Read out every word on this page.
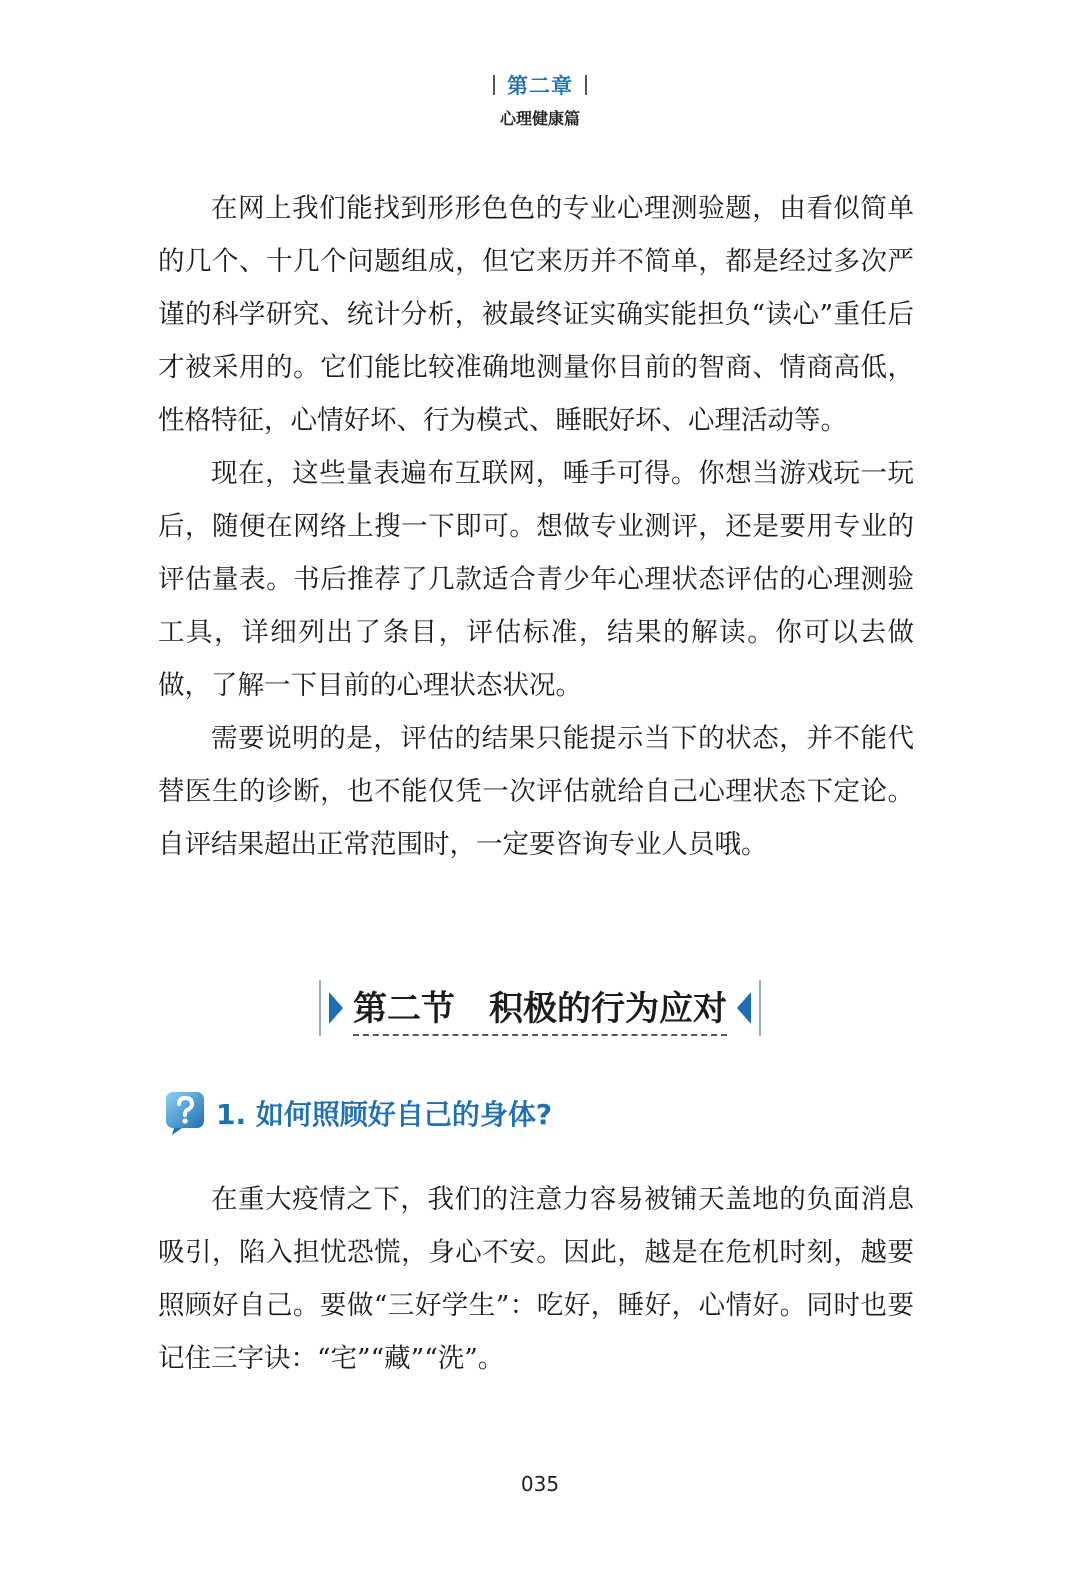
第二章
心理健康篇

在网上我们能找到形形色色的专业心理测验题，由看似简单的几个、十几个问题组成，但它来历并不简单，都是经过多次严谨的科学研究、统计分析，被最终证实确实能担负“读心”重任后才被采用的。它们能比较准确地测量你目前的智商、情商高低，性格特征，心情好坏、行为模式、睡眠好坏、心理活动等。

现在，这些量表遍布互联网，唾手可得。你想当游戏玩一玩后，随便在网络上搜一下即可。想做专业测评，还是要用专业的评估量表。书后推荐了几款适合青少年心理状态评估的心理测验工具，详细列出了条目，评估标准，结果的解读。你可以去做做，了解一下目前的心理状态状况。

需要说明的是，评估的结果只能提示当下的状态，并不能代替医生的诊断，也不能仅凭一次评估就给自己心理状态下定论。自评结果超出正常范围时，一定要咨询专业人员哦。

第二节　积极的行为应对
1. 如何照顾好自己的身体?

在重大疫情之下，我们的注意力容易被铺天盖地的负面消息吸引，陷入担忧恐慌，身心不安。因此，越是在危机时刻，越要照顾好自己。要做“三好学生”：吃好，睡好，心情好。同时也要记住三字诀：“宅”“藏”“洗”。

035
